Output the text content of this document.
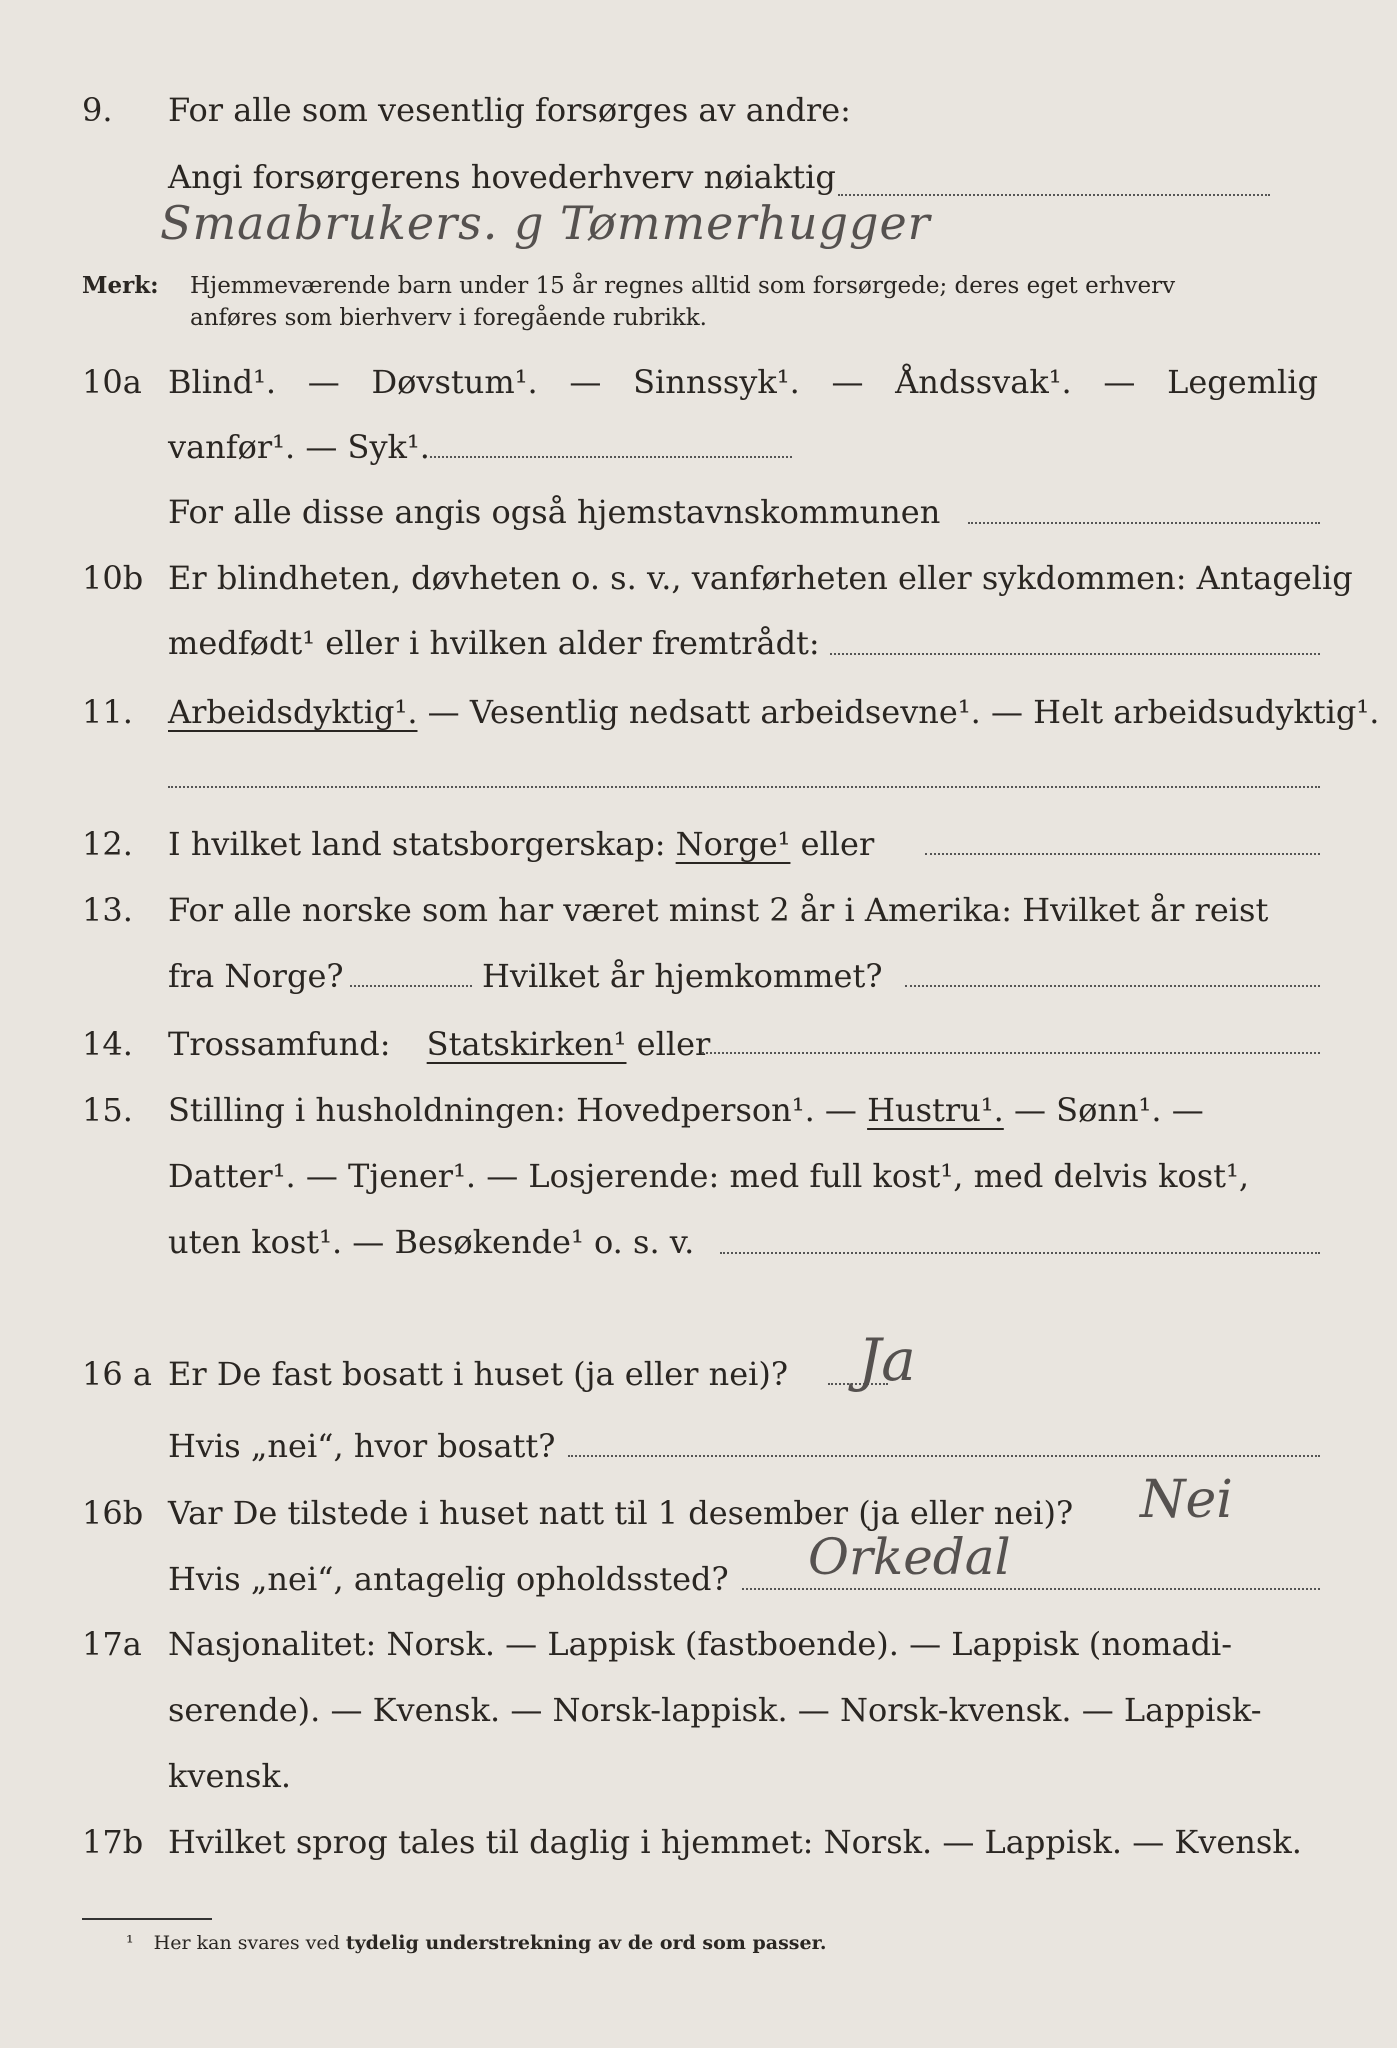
9.	For alle som vesentlig forsørges av andre:
Angi forsørgerens hovederhverv nøiaktig
Smaabrukers. g Tømmerhugger
Merk: Hjemmeværende barn under 15 år regnes alltid som forsørgede; deres eget erhverv
anføres som bierhverv i foregående rubrikk.
10a Blind¹. — Døvstum¹. — Sinnssyk¹. — Åndssvak¹. — Legemlig
vanfør¹. — Syk¹.
For alle disse angis også hjemstavnskommunen
10b Er blindheten, døvheten o. s. v., vanførheten eller sykdommen: Antagelig
medfødt¹ eller i hvilken alder fremtrådt:
11.	Arbeidsdyktig¹. — Vesentlig nedsatt arbeidsevne¹. — Helt arbeidsudyktig¹.
12.	I hvilket land statsborgerskap: Norge¹ eller
13.	For alle norske som har været minst 2 år i Amerika: Hvilket år reist
fra Norge?	Hvilket år hjemkommet?
14.	Trossamfund: Statskirken¹ eller
15.	Stilling i husholdningen: Hovedperson¹. — Hustru¹. — Sønn¹. —
Datter¹. — Tjener¹. — Losjerende: med full kost¹, med delvis kost¹,
uten kost¹. — Besøkende¹ o. s. v.
16 a Er De fast bosatt i huset (ja eller nei)? Ja
Hvis „nei“, hvor bosatt?
16b Var De tilstede i huset natt til 1 desember (ja eller nei)? Nei
Hvis „nei“, antagelig opholdssted? Orkedal
17a Nasjonalitet: Norsk. — Lappisk (fastboende). — Lappisk (nomadi-
serende). — Kvensk. — Norsk-lappisk. — Norsk-kvensk. — Lappisk-
kvensk.
17b Hvilket sprog tales til daglig i hjemmet: Norsk. — Lappisk. — Kvensk.
¹ Her kan svares ved tydelig understrekning av de ord som passer.
